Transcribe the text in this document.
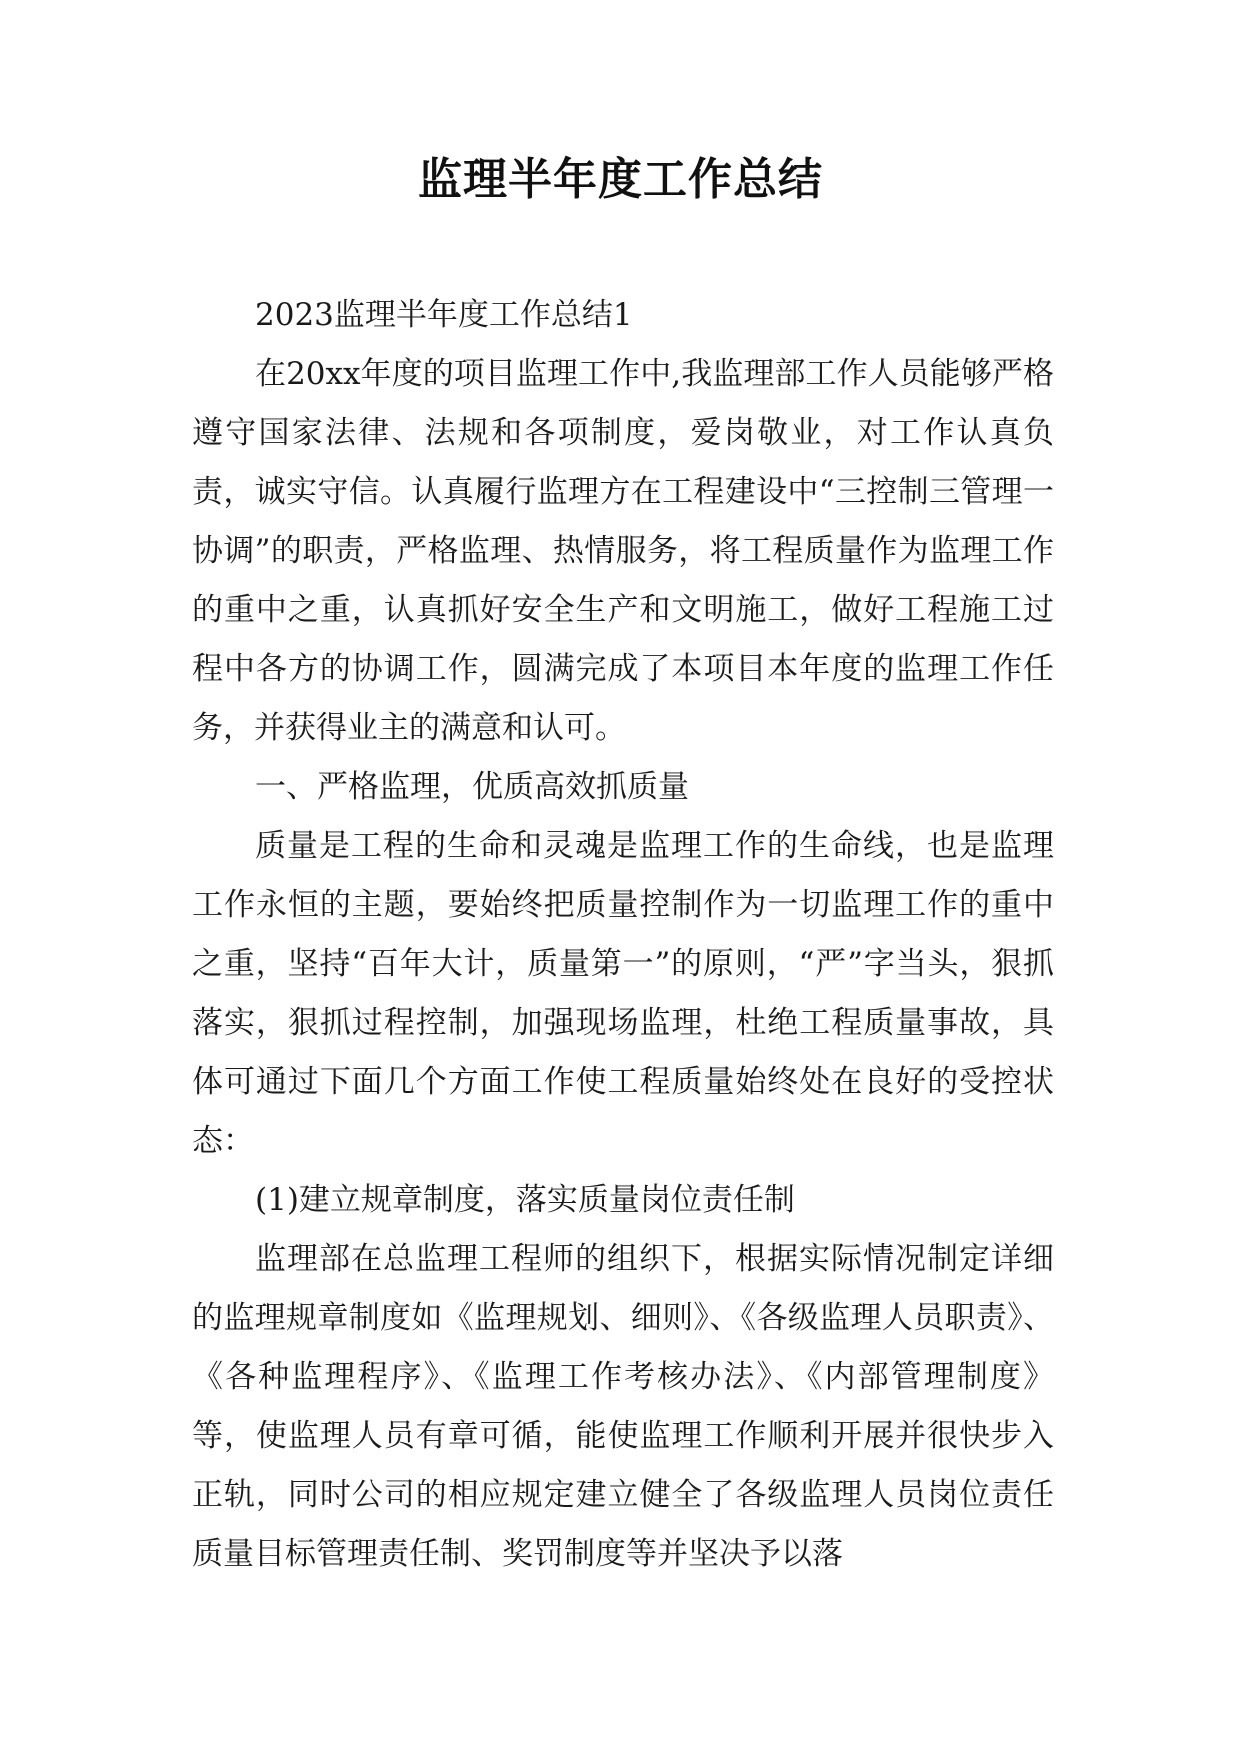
监理半年度工作总结

2023监理半年度工作总结1

在20xx年度的项目监理工作中,我监理部工作人员能够严格遵守国家法律、法规和各项制度，爱岗敬业，对工作认真负责，诚实守信。认真履行监理方在工程建设中“三控制三管理一协调”的职责，严格监理、热情服务，将工程质量作为监理工作的重中之重，认真抓好安全生产和文明施工，做好工程施工过程中各方的协调工作，圆满完成了本项目本年度的监理工作任务，并获得业主的满意和认可。

一、严格监理，优质高效抓质量

质量是工程的生命和灵魂是监理工作的生命线，也是监理工作永恒的主题，要始终把质量控制作为一切监理工作的重中之重，坚持“百年大计，质量第一”的原则，“严”字当头，狠抓落实，狠抓过程控制，加强现场监理，杜绝工程质量事故，具体可通过下面几个方面工作使工程质量始终处在良好的受控状态：

(1)建立规章制度，落实质量岗位责任制

监理部在总监理工程师的组织下，根据实际情况制定详细的监理规章制度如《监理规划、细则》、《各级监理人员职责》、《各种监理程序》、《监理工作考核办法》、《内部管理制度》等，使监理人员有章可循，能使监理工作顺利开展并很快步入正轨，同时公司的相应规定建立健全了各级监理人员岗位责任质量目标管理责任制、奖罚制度等并坚决予以落
